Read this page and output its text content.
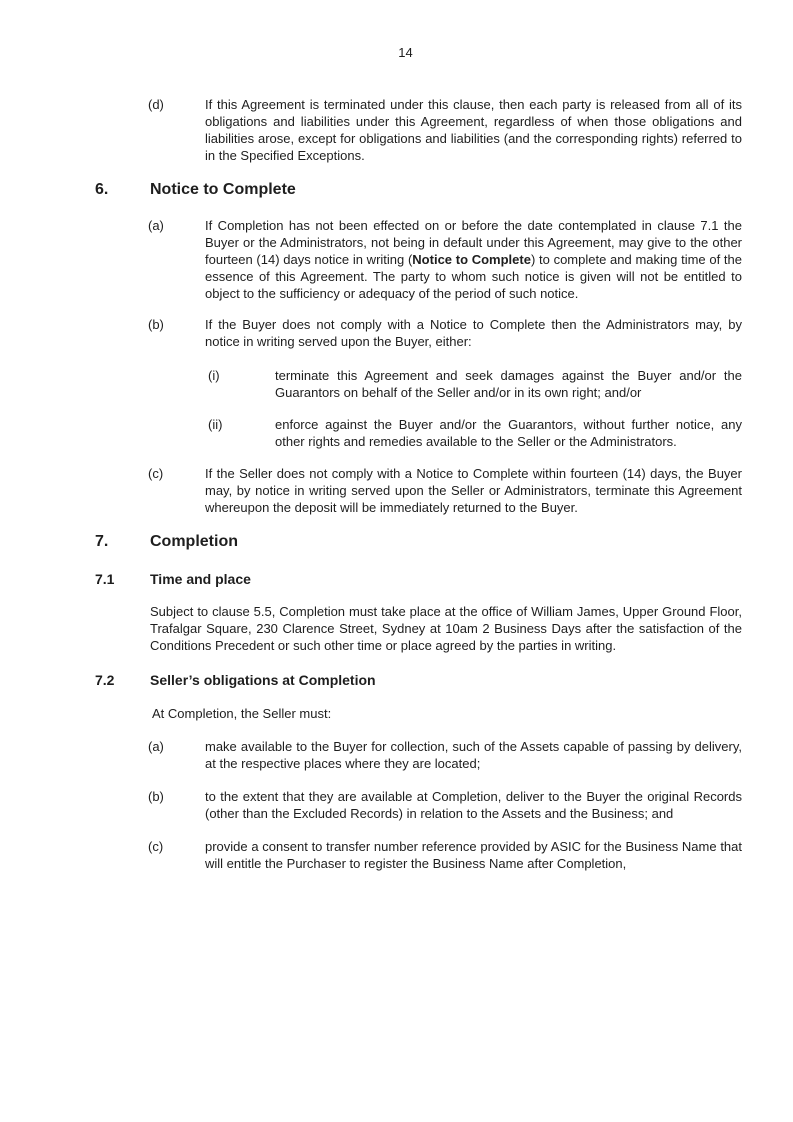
14
(d)	If this Agreement is terminated under this clause, then each party is released from all of its obligations and liabilities under this Agreement, regardless of when those obligations and liabilities arose, except for obligations and liabilities (and the corresponding rights) referred to in the Specified Exceptions.
6.	Notice to Complete
(a)	If Completion has not been effected on or before the date contemplated in clause 7.1 the Buyer or the Administrators, not being in default under this Agreement, may give to the other fourteen (14) days notice in writing (Notice to Complete) to complete and making time of the essence of this Agreement. The party to whom such notice is given will not be entitled to object to the sufficiency or adequacy of the period of such notice.
(b)	If the Buyer does not comply with a Notice to Complete then the Administrators may, by notice in writing served upon the Buyer, either:
(i)	terminate this Agreement and seek damages against the Buyer and/or the Guarantors on behalf of the Seller and/or in its own right; and/or
(ii)	enforce against the Buyer and/or the Guarantors, without further notice, any other rights and remedies available to the Seller or the Administrators.
(c)	If the Seller does not comply with a Notice to Complete within fourteen (14) days, the Buyer may, by notice in writing served upon the Seller or Administrators, terminate this Agreement whereupon the deposit will be immediately returned to the Buyer.
7.	Completion
7.1	Time and place
Subject to clause 5.5, Completion must take place at the office of William James, Upper Ground Floor, Trafalgar Square, 230 Clarence Street, Sydney at 10am 2 Business Days after the satisfaction of the Conditions Precedent or such other time or place agreed by the parties in writing.
7.2	Seller’s obligations at Completion
At Completion, the Seller must:
(a)	make available to the Buyer for collection, such of the Assets capable of passing by delivery, at the respective places where they are located;
(b)	to the extent that they are available at Completion, deliver to the Buyer the original Records (other than the Excluded Records) in relation to the Assets and the Business; and
(c)	provide a consent to transfer number reference provided by ASIC for the Business Name that will entitle the Purchaser to register the Business Name after Completion,
